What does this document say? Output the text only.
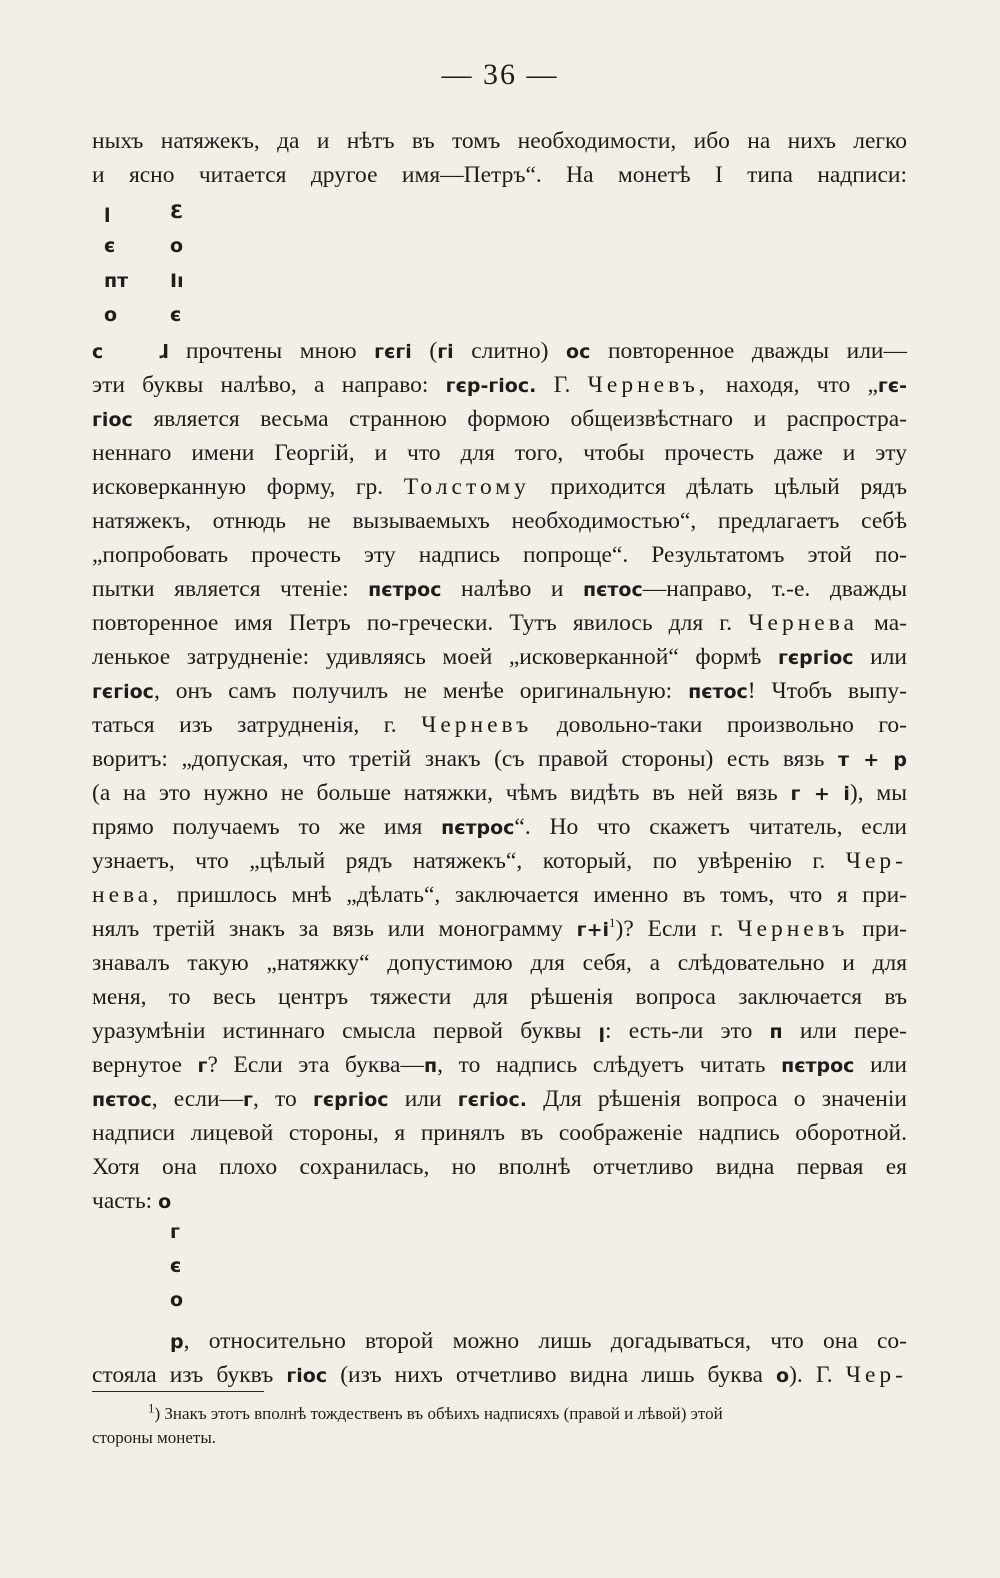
— 36 —
ныхъ натяжекъ, да и нѣтъ въ томъ необходимости, ибо на нихъ легко
и ясно читается другое имя—Петръ“. На монетѣ I типа надписи:
ꞁ
є
пт
о
Ɛ
о
Іı
є
с	ɺ прочтены мною гєгі (гі слитно) ос повторенное дважды или—
эти буквы налѣво, а направо: гєр-гіос. Г. Черневъ, находя, что „гє-
гіос является весьма странною формою общеизвѣстнаго и распростра-
неннаго имени Георгій, и что для того, чтобы прочесть даже и эту
исковерканную форму, гр. Толстому приходится дѣлать цѣлый рядъ
натяжекъ, отнюдь не вызываемыхъ необходимостью“, предлагаетъ себѣ
„попробовать прочесть эту надпись попроще“. Результатомъ этой по-
пытки является чтеніе: пєтрос налѣво и пєтос—направо, т.-е. дважды
повторенное имя Петръ по-гречески. Тутъ явилось для г. Чернева ма-
ленькое затрудненіе: удивляясь моей „исковерканной“ формѣ гєргіос или
гєгіос, онъ самъ получилъ не менѣе оригинальную: пєтос! Чтобъ выпу-
таться изъ затрудненія, г. Черневъ довольно-таки произвольно го-
воритъ: „допуская, что третій знакъ (съ правой стороны) есть вязь т + р
(а на это нужно не больше натяжки, чѣмъ видѣть въ ней вязь г + і), мы
прямо получаемъ то же имя пєтрос“. Но что скажетъ читатель, если
узнаетъ, что „цѣлый рядъ натяжекъ“, который, по увѣренію г. Чер-
нева, пришлось мнѣ „дѣлать“, заключается именно въ томъ, что я при-
нялъ третій знакъ за вязь или монограмму $г+і^1$)? Если г. Черневъ при-
знавалъ такую „натяжку“ допустимою для себя, а слѣдовательно и для
меня, то весь центръ тяжести для рѣшенія вопроса заключается въ
уразумѣніи истиннаго смысла первой буквы ꞁ: есть-ли это п или пере-
вернутое г? Если эта буква—п, то надпись слѣдуетъ читать пєтрос или
пєтос, если—г, то гєргіос или гєгіос. Для рѣшенія вопроса о значеніи
надписи лицевой стороны, я принялъ въ соображеніе надпись оборотной.
Хотя она плохо сохранилась, но вполнѣ отчетливо видна первая ея
часть: о
г
є
о
р, относительно второй можно лишь догадываться, что она со-
стояла изъ буквъ гіос (изъ нихъ отчетливо видна лишь буква о). Г. Чер-
$^1$) Знакъ этотъ вполнѣ тождественъ въ обѣихъ надписяхъ (правой и лѣвой) этой
стороны монеты.
